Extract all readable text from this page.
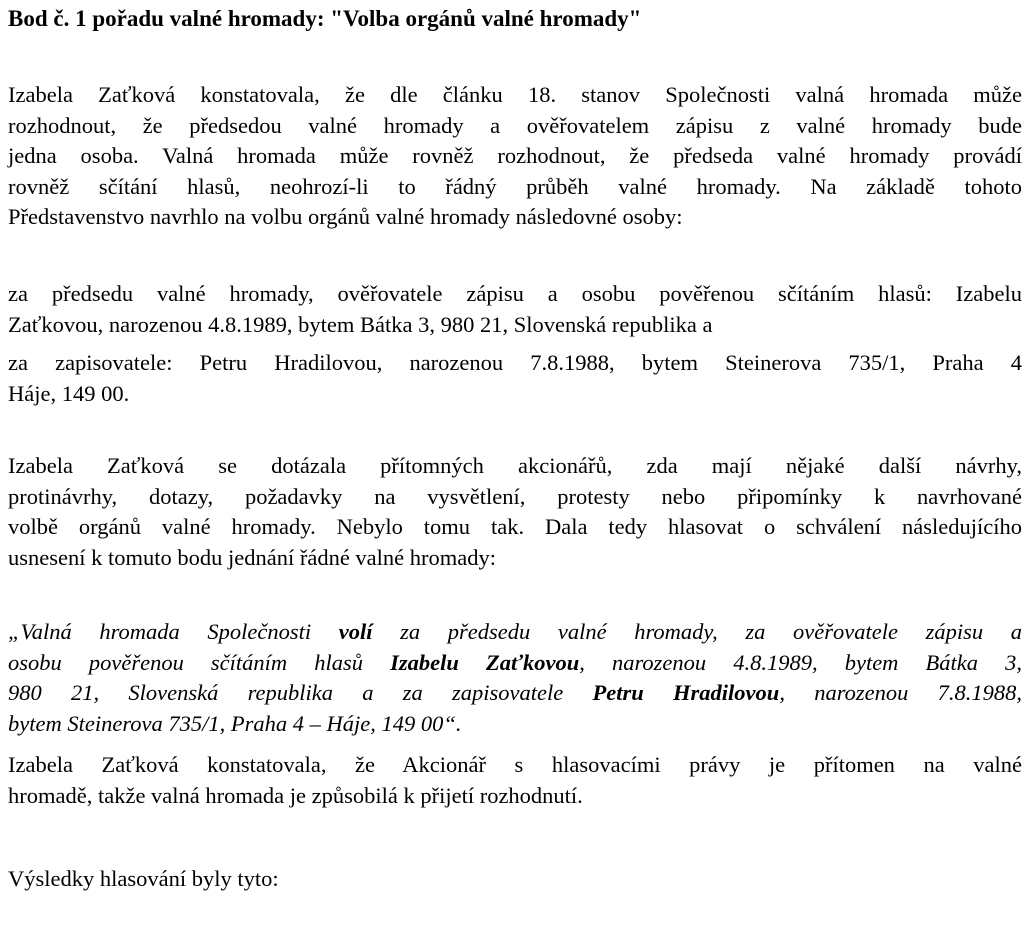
Bod č. 1 pořadu valné hromady: "Volba orgánů valné hromady"
Izabela Zaťková konstatovala, že dle článku 18. stanov Společnosti valná hromada může
rozhodnout, že předsedou valné hromady a ověřovatelem zápisu z valné hromady bude
jedna osoba. Valná hromada může rovněž rozhodnout, že předseda valné hromady provádí
rovněž sčítání hlasů, neohrozí-li to řádný průběh valné hromady. Na základě tohoto
Představenstvo navrhlo na volbu orgánů valné hromady následovné osoby:
za předsedu valné hromady, ověřovatele zápisu a osobu pověřenou sčítáním hlasů: Izabelu
Zaťkovou, narozenou 4.8.1989, bytem Bátka 3, 980 21, Slovenská republika a
za zapisovatele: Petru Hradilovou, narozenou 7.8.1988, bytem Steinerova 735/1, Praha 4
Háje, 149 00.
Izabela Zaťková se dotázala přítomných akcionářů, zda mají nějaké další návrhy,
protinávrhy, dotazy, požadavky na vysvětlení, protesty nebo připomínky k navrhované
volbě orgánů valné hromady. Nebylo tomu tak. Dala tedy hlasovat o schválení následujícího
usnesení k tomuto bodu jednání řádné valné hromady:
„Valná hromada Společnosti volí za předsedu valné hromady, za ověřovatele zápisu a
osobu pověřenou sčítáním hlasů Izabelu Zaťkovou, narozenou 4.8.1989, bytem Bátka 3,
980 21, Slovenská republika a za zapisovatele Petru Hradilovou, narozenou 7.8.1988,
bytem Steinerova 735/1, Praha 4 – Háje, 149 00“.
Izabela Zaťková konstatovala, že Akcionář s hlasovacími právy je přítomen na valné
hromadě, takže valná hromada je způsobilá k přijetí rozhodnutí.
Výsledky hlasování byly tyto:
